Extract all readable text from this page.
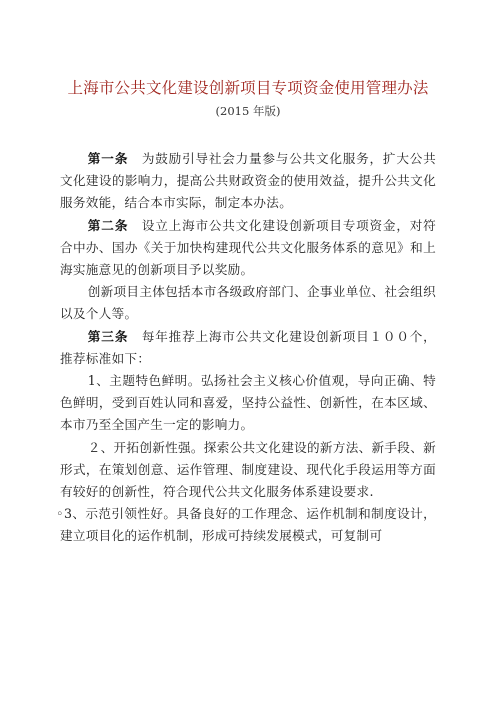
上海市公共文化建设创新项目专项资金使用管理办法
(2015 年版)

第一条　为鼓励引导社会力量参与公共文化服务，扩大公共文化建设的影响力，提高公共财政资金的使用效益，提升公共文化服务效能，结合本市实际，制定本办法。

第二条　设立上海市公共文化建设创新项目专项资金，对符合中办、国办《关于加快构建现代公共文化服务体系的意见》和上海实施意见的创新项目予以奖励。

创新项目主体包括本市各级政府部门、企事业单位、社会组织以及个人等。

第三条　每年推荐上海市公共文化建设创新项目１００个，推荐标准如下：

1、主题特色鲜明。弘扬社会主义核心价值观，导向正确、特色鲜明，受到百姓认同和喜爱，坚持公益性、创新性，在本区域、本市乃至全国产生一定的影响力。

２、开拓创新性强。探索公共文化建设的新方法、新手段、新形式，在策划创意、运作管理、制度建设、现代化手段运用等方面有较好的创新性，符合现代公共文化服务体系建设要求.

◦3、示范引领性好。具备良好的工作理念、运作机制和制度设计，建立项目化的运作机制，形成可持续发展模式，可复制可
